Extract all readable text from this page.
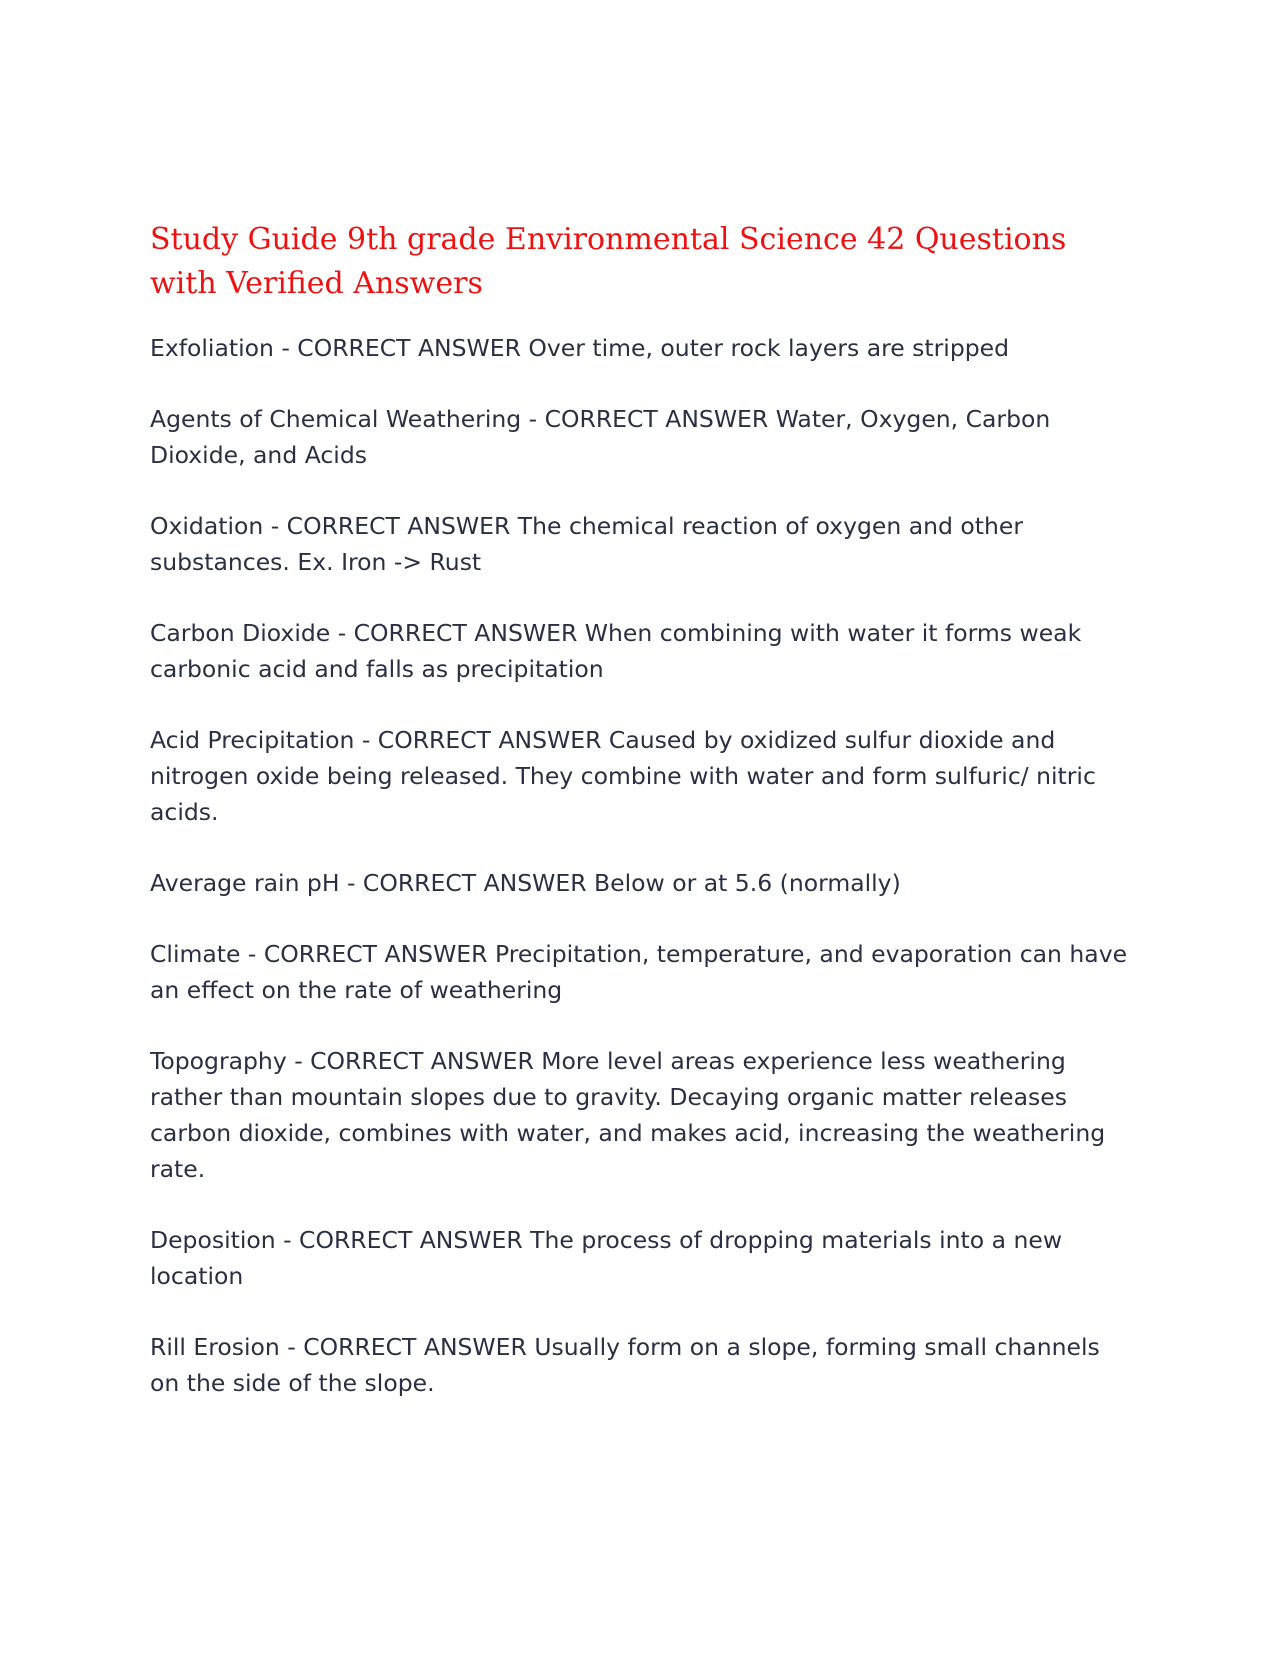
Study Guide 9th grade Environmental Science 42 Questions with Verified Answers

Exfoliation - CORRECT ANSWER Over time, outer rock layers are stripped

Agents of Chemical Weathering - CORRECT ANSWER Water, Oxygen, Carbon Dioxide, and Acids

Oxidation - CORRECT ANSWER The chemical reaction of oxygen and other substances. Ex. Iron -> Rust

Carbon Dioxide - CORRECT ANSWER When combining with water it forms weak carbonic acid and falls as precipitation

Acid Precipitation - CORRECT ANSWER Caused by oxidized sulfur dioxide and nitrogen oxide being released. They combine with water and form sulfuric/ nitric acids.

Average rain pH - CORRECT ANSWER Below or at 5.6 (normally)

Climate - CORRECT ANSWER Precipitation, temperature, and evaporation can have an effect on the rate of weathering

Topography - CORRECT ANSWER More level areas experience less weathering rather than mountain slopes due to gravity. Decaying organic matter releases carbon dioxide, combines with water, and makes acid, increasing the weathering rate.

Deposition - CORRECT ANSWER The process of dropping materials into a new location

Rill Erosion - CORRECT ANSWER Usually form on a slope, forming small channels on the side of the slope.
